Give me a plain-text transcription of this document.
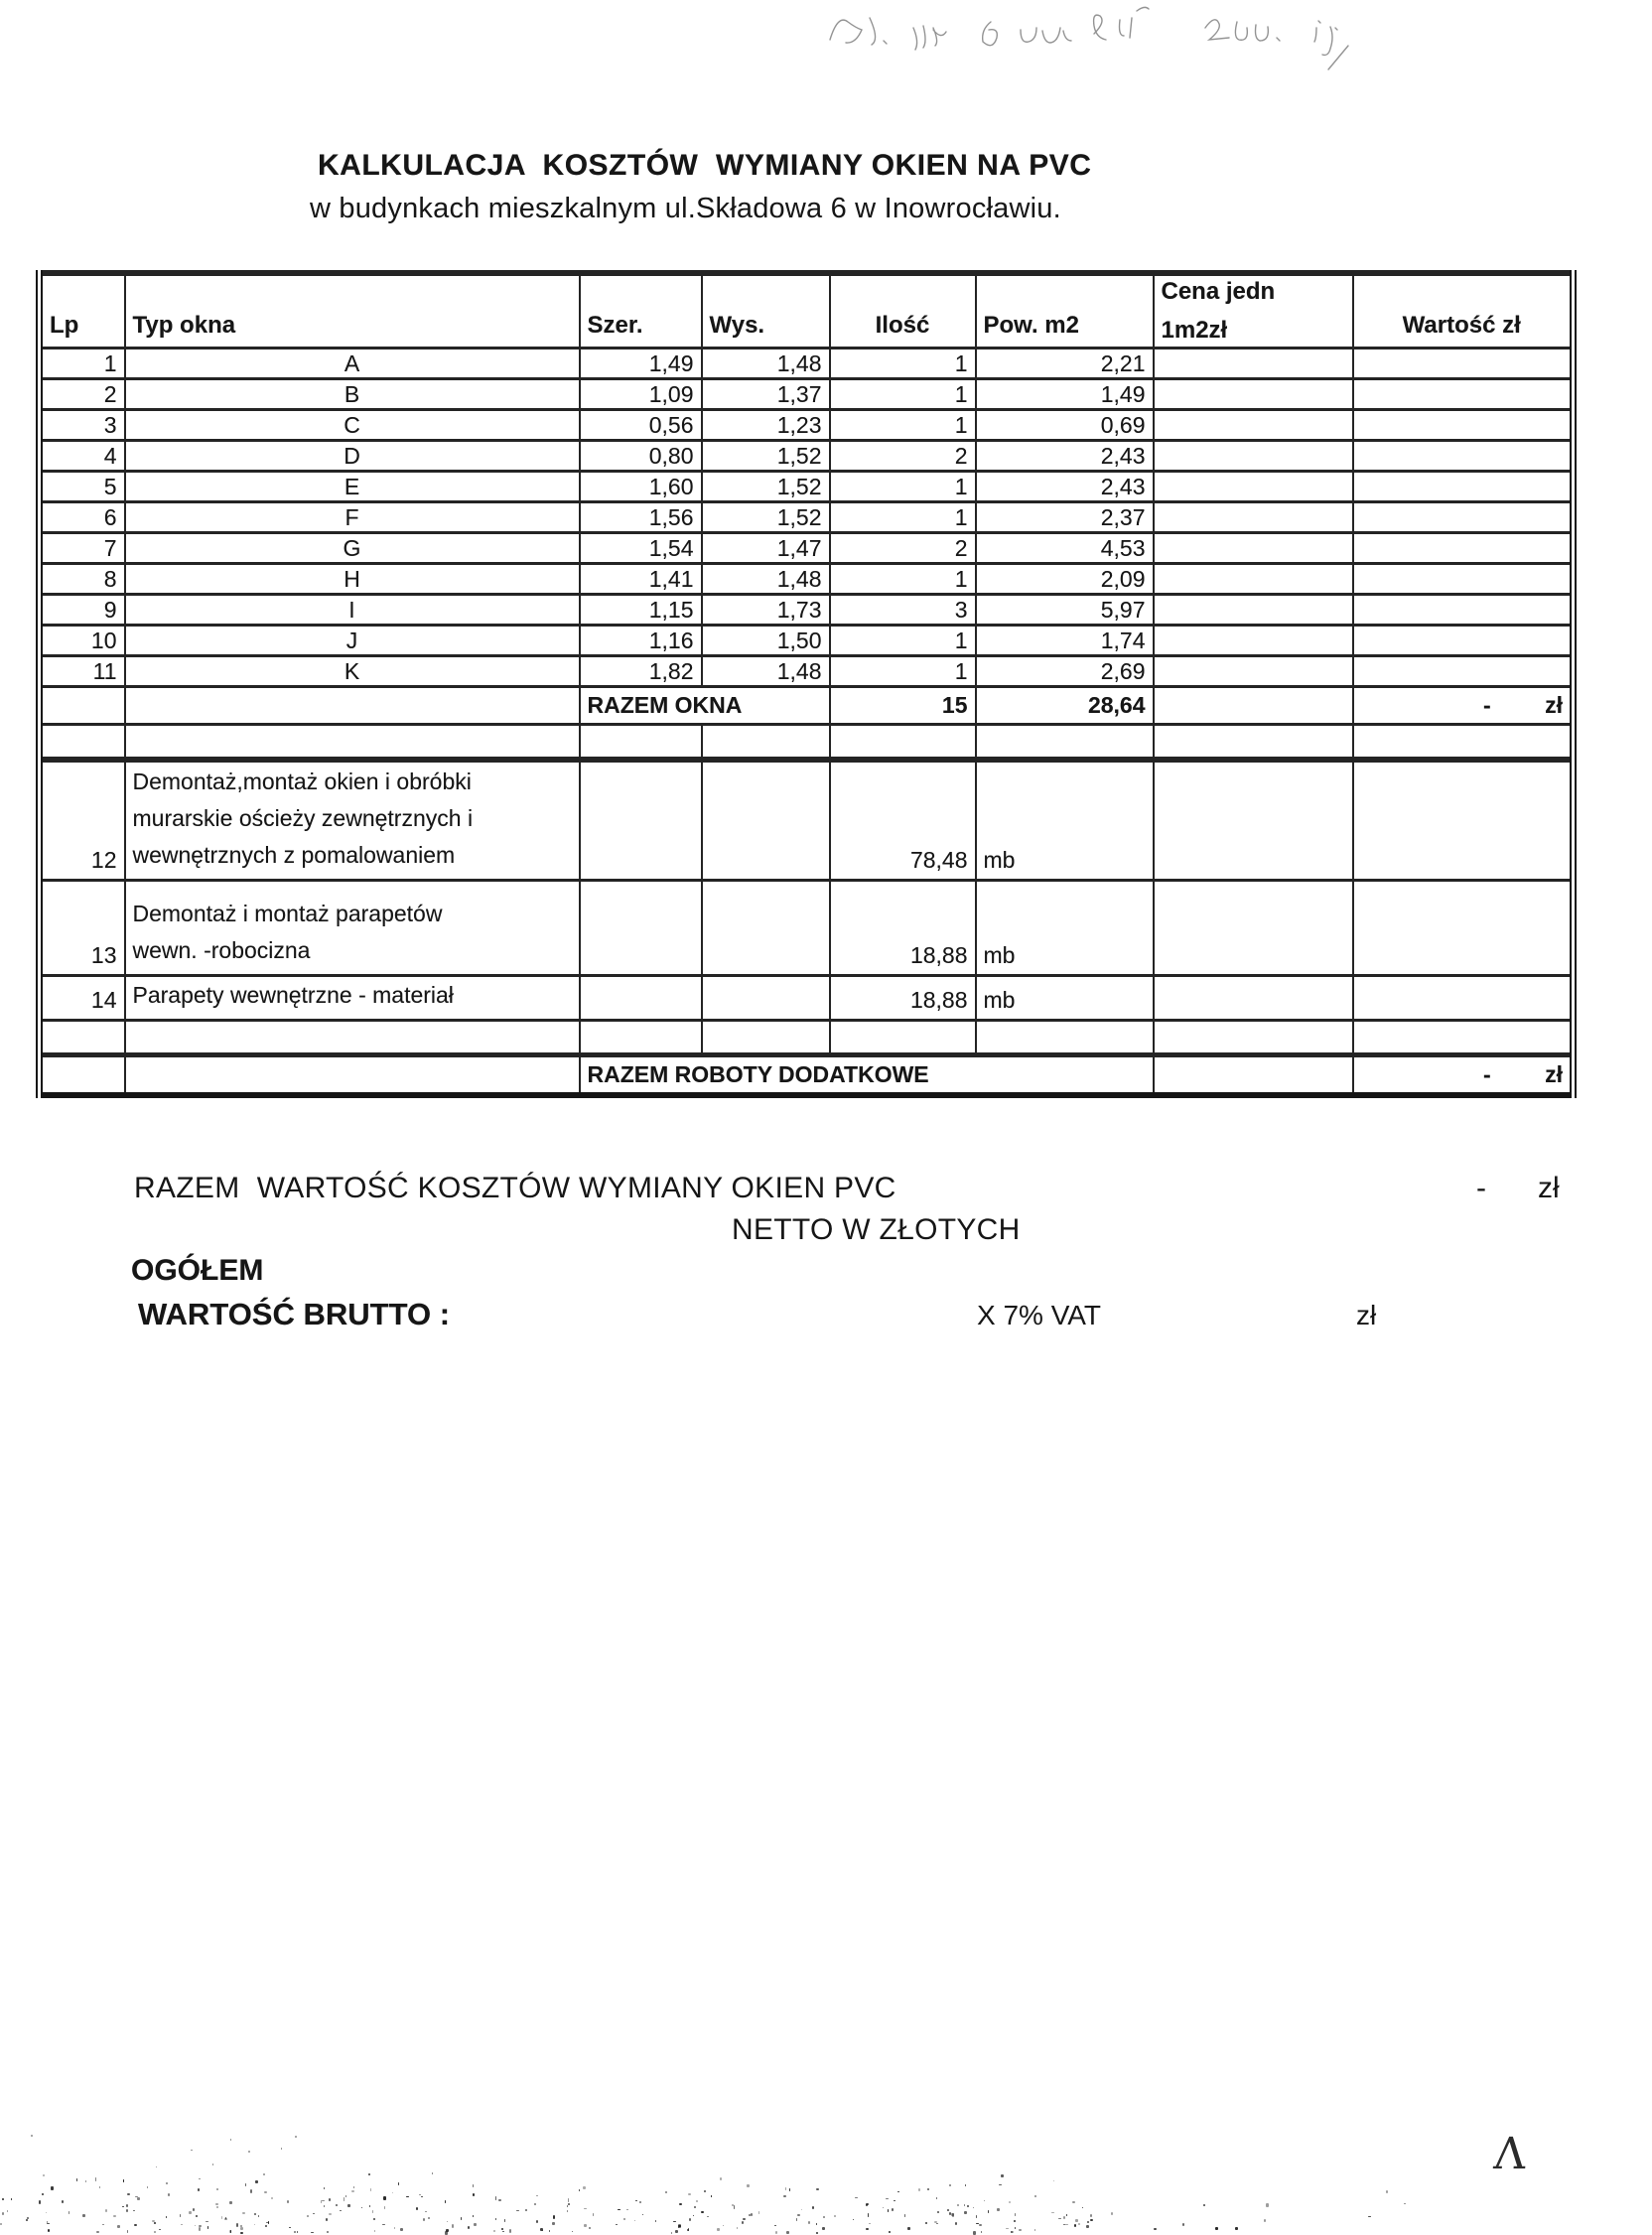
KALKULACJA  KOSZTÓW  WYMIANY OKIEN NA PVC
w budynkach mieszkalnym ul.Składowa 6 w Inowrocławiu.
Lp	Typ okna	Szer.	Wys.	Ilość	Pow. m2	Cena jedn
1m2zł	Wartość zł
1	A	1,49	1,48	1	2,21		
2	B	1,09	1,37	1	1,49		
3	C	0,56	1,23	1	0,69		
4	D	0,80	1,52	2	2,43		
5	E	1,60	1,52	1	2,43		
6	F	1,56	1,52	1	2,37		
7	G	1,54	1,47	2	4,53		
8	H	1,41	1,48	1	2,09		
9	I	1,15	1,73	3	5,97		
10	J	1,16	1,50	1	1,74		
11	K	1,82	1,48	1	2,69		
		RAZEM OKNA		15	28,64		- zł

12	Demontaż,montaż okien i obróbki
murarskie ościeży zewnętrznych i
wewnętrznych z pomalowaniem			78,48	mb		
13	Demontaż i montaż parapetów
wewn. -robocizna			18,88	mb		
14	Parapety wewnętrzne - materiał			18,88	mb		

		RAZEM ROBOTY DODATKOWE					- zł
RAZEM  WARTOŚĆ KOSZTÓW WYMIANY OKIEN PVC	- zł
NETTO W ZŁOTYCH
OGÓŁEM
WARTOŚĆ BRUTTO :	X 7% VAT	zł
Λ
